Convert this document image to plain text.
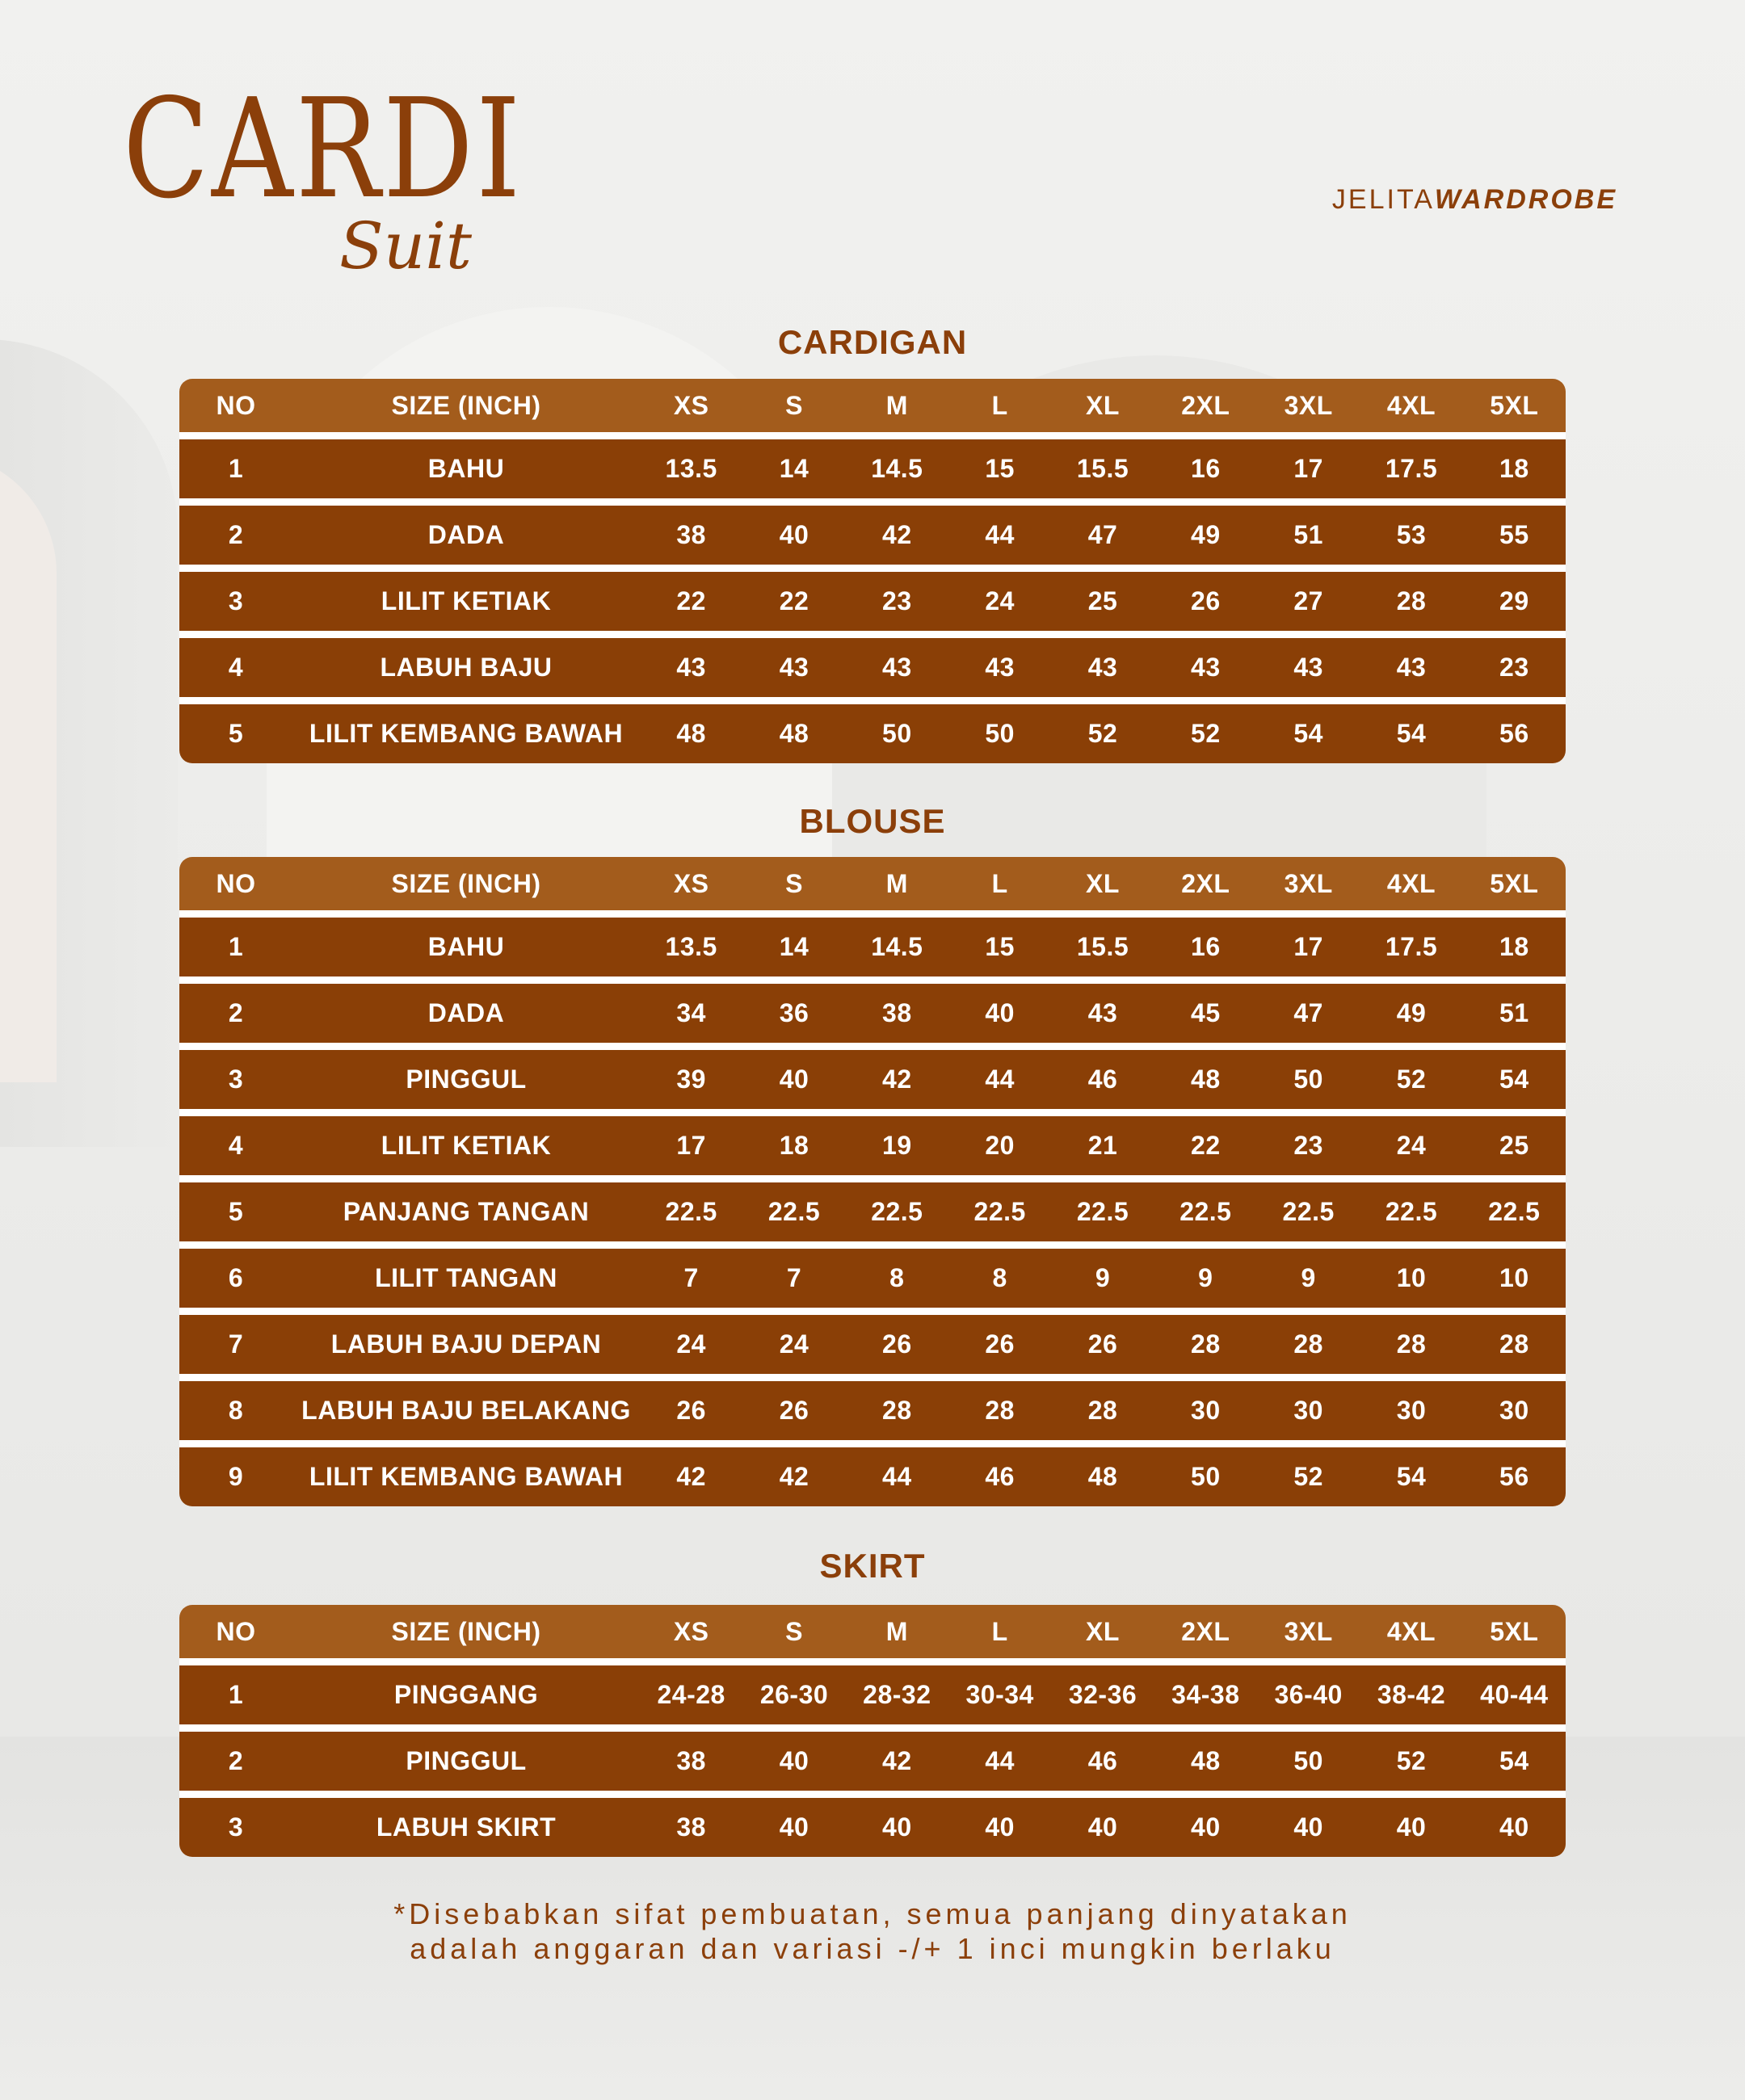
CARDI
Suit
JELITAWARDROBE
CARDIGAN
NO	SIZE (INCH)	XS	S	M	L	XL	2XL	3XL	4XL	5XL
1	BAHU	13.5	14	14.5	15	15.5	16	17	17.5	18
2	DADA	38	40	42	44	47	49	51	53	55
3	LILIT KETIAK	22	22	23	24	25	26	27	28	29
4	LABUH BAJU	43	43	43	43	43	43	43	43	23
5	LILIT KEMBANG BAWAH	48	48	50	50	52	52	54	54	56
BLOUSE
NO	SIZE (INCH)	XS	S	M	L	XL	2XL	3XL	4XL	5XL
1	BAHU	13.5	14	14.5	15	15.5	16	17	17.5	18
2	DADA	34	36	38	40	43	45	47	49	51
3	PINGGUL	39	40	42	44	46	48	50	52	54
4	LILIT KETIAK	17	18	19	20	21	22	23	24	25
5	PANJANG TANGAN	22.5	22.5	22.5	22.5	22.5	22.5	22.5	22.5	22.5
6	LILIT TANGAN	7	7	8	8	9	9	9	10	10
7	LABUH BAJU DEPAN	24	24	26	26	26	28	28	28	28
8	LABUH BAJU BELAKANG	26	26	28	28	28	30	30	30	30
9	LILIT KEMBANG BAWAH	42	42	44	46	48	50	52	54	56
SKIRT
NO	SIZE (INCH)	XS	S	M	L	XL	2XL	3XL	4XL	5XL
1	PINGGANG	24-28	26-30	28-32	30-34	32-36	34-38	36-40	38-42	40-44
2	PINGGUL	38	40	42	44	46	48	50	52	54
3	LABUH SKIRT	38	40	40	40	40	40	40	40	40
*Disebabkan sifat pembuatan, semua panjang dinyatakan
adalah anggaran dan variasi -/+ 1 inci mungkin berlaku
